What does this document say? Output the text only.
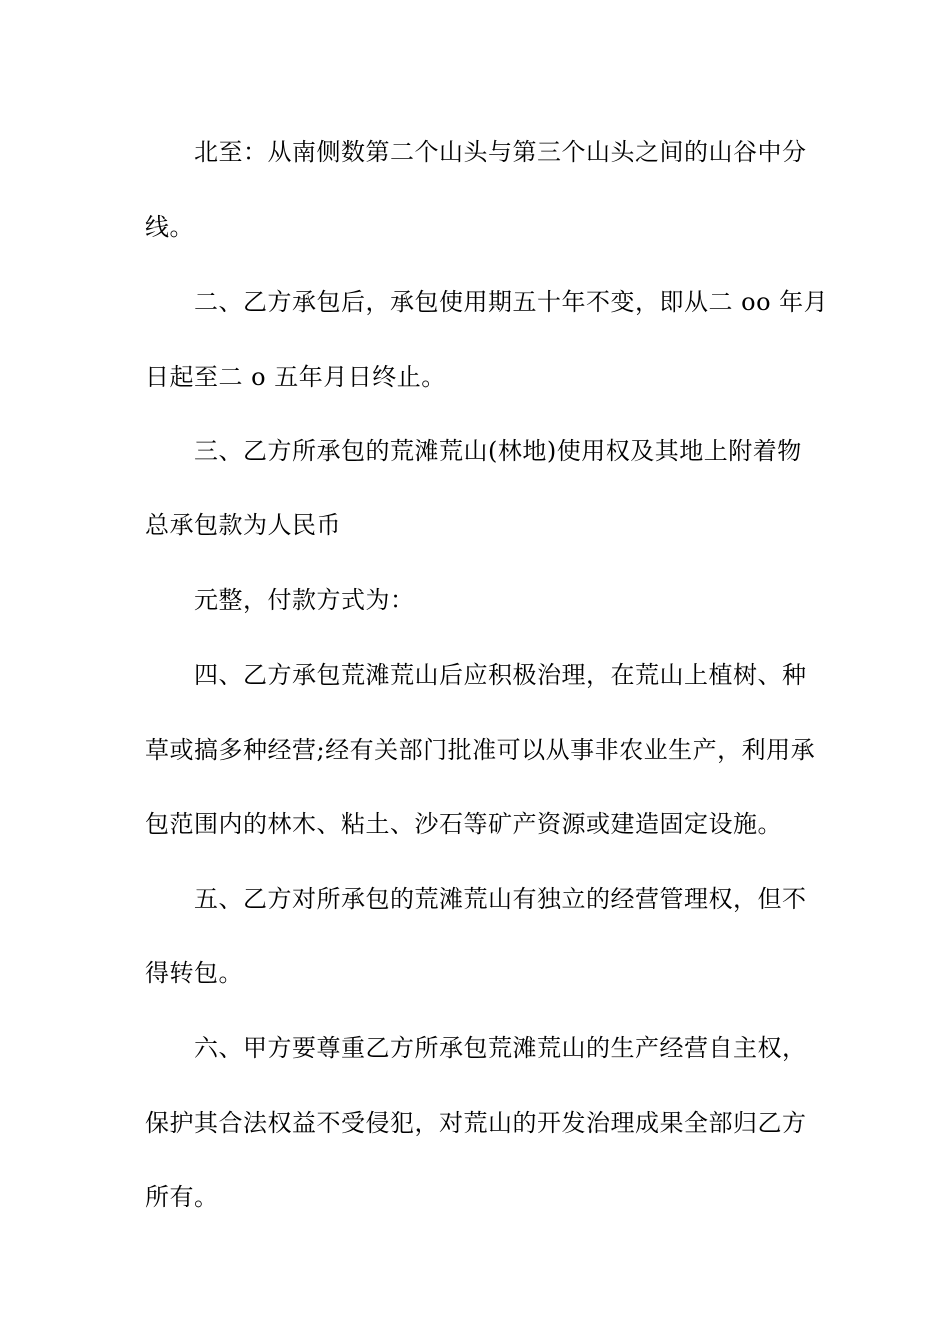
北至：从南侧数第二个山头与第三个山头之间的山谷中分
线。
二、乙方承包后，承包使用期五十年不变，即从二 oo 年月
日起至二 o 五年月日终止。
三、乙方所承包的荒滩荒山(林地)使用权及其地上附着物
总承包款为人民币
元整，付款方式为：
四、乙方承包荒滩荒山后应积极治理，在荒山上植树、种
草或搞多种经营;经有关部门批准可以从事非农业生产，利用承
包范围内的林木、粘土、沙石等矿产资源或建造固定设施。
五、乙方对所承包的荒滩荒山有独立的经营管理权，但不
得转包。
六、甲方要尊重乙方所承包荒滩荒山的生产经营自主权，
保护其合法权益不受侵犯，对荒山的开发治理成果全部归乙方
所有。
